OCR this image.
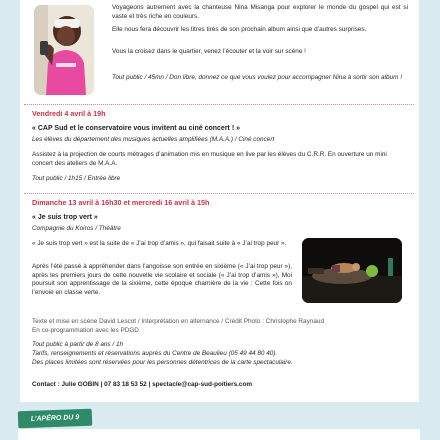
Voyageons autrement avec la chanteuse Nina Misanga pour explorer le monde du gospel qui est si vaste et très riche en couleurs.

Elle nous fera découvrir les titres tirés de son prochain album ainsi que d’autres surprises.

Vous la croisez dans le quartier, venez l’écouter et la voir sur scène !

Tout public / 45mn / Don libre, donnez ce que vous voulez pour accompagner Nina à sortir son album !

Vendredi 4 avril à 19h

« CAP Sud et le conservatoire vous invitent au ciné concert ! »

Les élèves du département des musiques actuelles amplifiées (M.A.A.) / Ciné concert

Assistez à la projection de courts métrages d’animation mis en musique en live par les élèves du C.R.R. En ouverture un mini concert des ateliers de M.A.A.

Tout public / 1h15 / Entrée libre

Dimanche 13 avril à 16h30 et mercredi 16 avril à 15h

« Je suis trop vert »

Compagnie du Koiros / Théâtre

« Je suis trop vert » est la suite de « J’ai trop d’amis », qui faisait suite à « J’ai trop peur ».

Après l’été passé à appréhender dans l’angoisse son entrée en sixième (« J’ai trop peur »), après les premiers jours de cette nouvelle vie scolaire et sociale (« J’ai trop d’amis »), Moi poursuit son apprentissage de la sixième, cette époque charnière de la vie : Cette fois on l’envoie en classe verte.

Texte et mise en scène David Lescot / Interprétation en alternance / Crédit Photo : Christophe Raynaud

En co-programmation avec les PDGD

Tout public à partir de 8 ans / 1h

Tarifs, renseignements et réservations auprès du Centre de Beaulieu (05 49 44 80 40).

Des places limitées sont réservées pour les personnes détentrices de la carte spectaculaire.

Contact : Julie GOBIN | 07 83 18 53 52 | spectacle@cap-sud-poitiers.com
L’APÉRO DU 9
